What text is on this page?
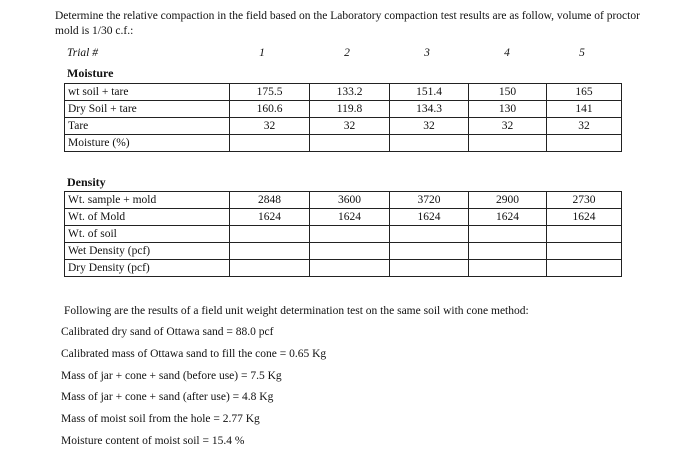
Determine the relative compaction in the field based on the Laboratory compaction test results are as follow, volume of proctor mold is 1/30 c.f.:
Trial #	1	2	3	4	5
Moisture
wt soil + tare	175.5	133.2	151.4	150	165
Dry Soil + tare	160.6	119.8	134.3	130	141
Tare	32	32	32	32	32
Moisture (%)					
Density
Wt. sample + mold	2848	3600	3720	2900	2730
Wt. of Mold	1624	1624	1624	1624	1624
Wt. of soil					
Wet Density (pcf)					
Dry Density (pcf)					
Following are the results of a field unit weight determination test on the same soil with cone method:
Calibrated dry sand of Ottawa sand = 88.0 pcf
Calibrated mass of Ottawa sand to fill the cone = 0.65 Kg
Mass of jar + cone + sand (before use) = 7.5 Kg
Mass of jar + cone + sand (after use) = 4.8 Kg
Mass of moist soil from the hole = 2.77 Kg
Moisture content of moist soil = 15.4 %
